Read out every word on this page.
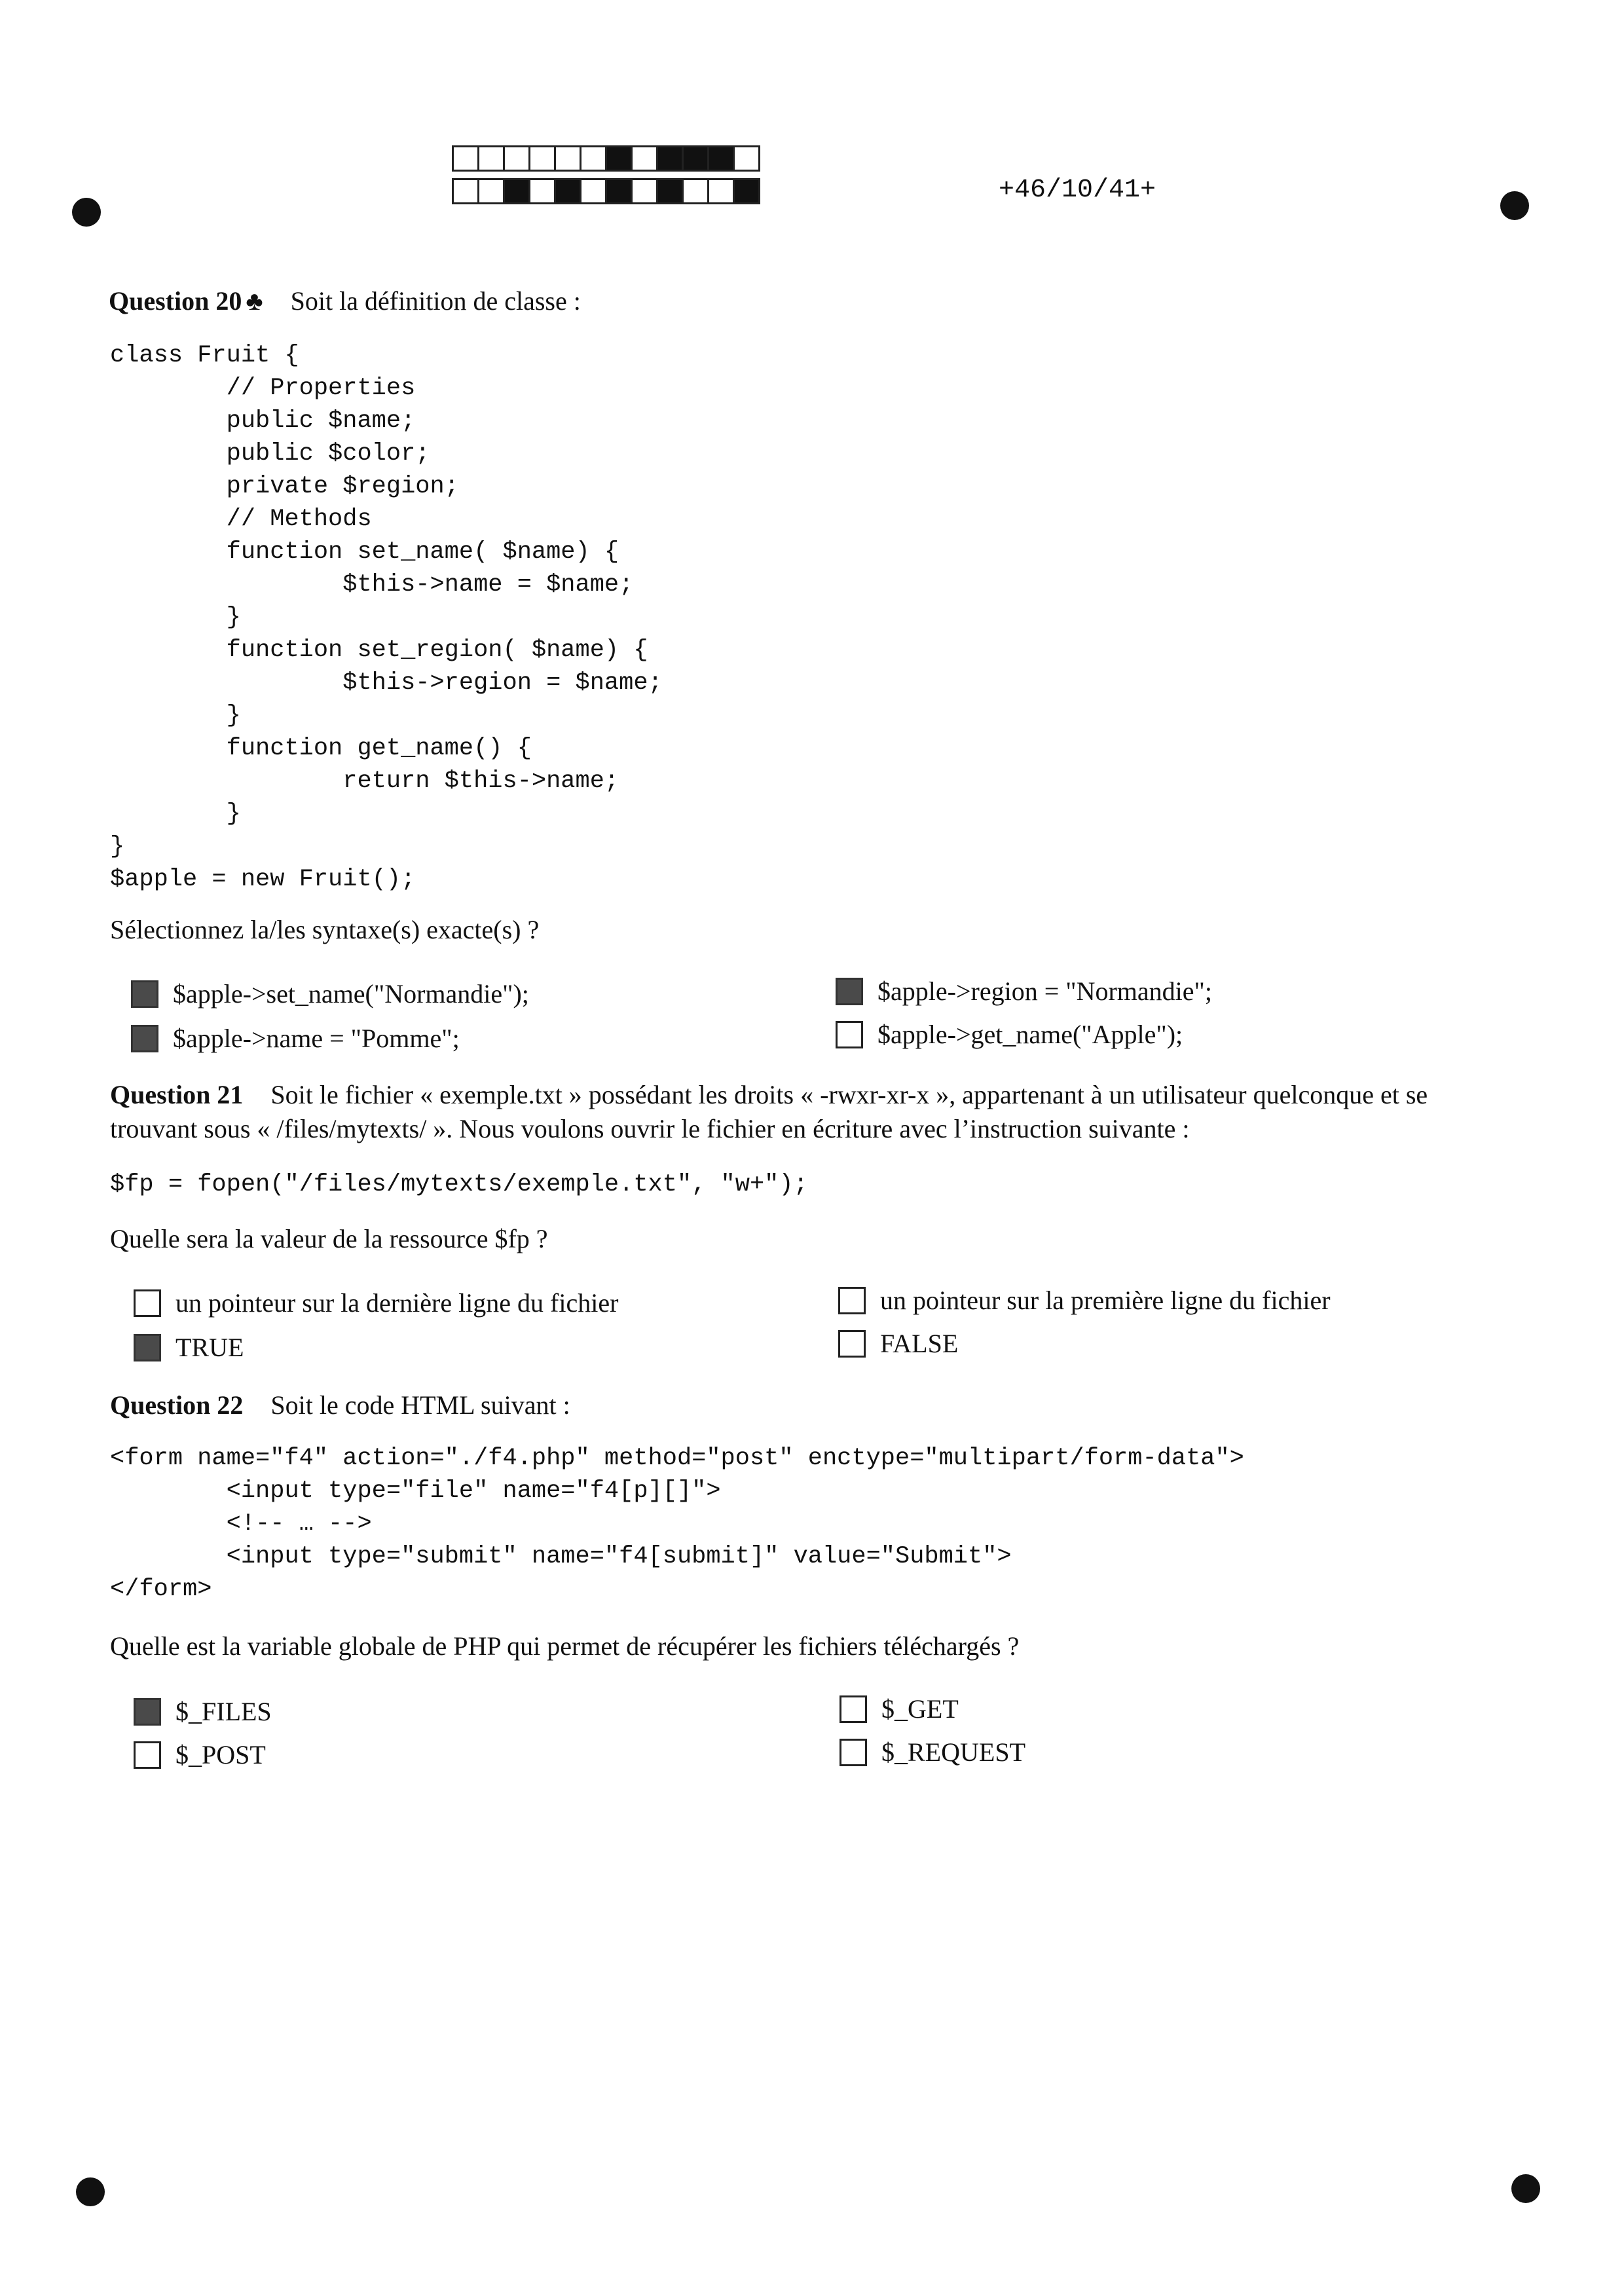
+46/10/41+
Question 20 ♣ Soit la définition de classe :
class Fruit {
// Properties
public $name;
public $color;
private $region;
// Methods
function set_name( $name) {
$this->name = $name;
}
function set_region( $name) {
$this->region = $name;
}
function get_name() {
return $this->name;
}
}
$apple = new Fruit();
Sélectionnez la/les syntaxe(s) exacte(s) ?
$apple->set_name("Normandie");
$apple->name = "Pomme";
$apple->region = "Normandie";
$apple->get_name("Apple");
Question 21 Soit le fichier « exemple.txt » possédant les droits « -rwxr-xr-x », appartenant à un utilisateur quelconque et se trouvant sous « /files/mytexts/ ». Nous voulons ouvrir le fichier en écriture avec l’instruction suivante :
$fp = fopen("/files/mytexts/exemple.txt", "w+");
Quelle sera la valeur de la ressource $fp ?
un pointeur sur la dernière ligne du fichier
TRUE
un pointeur sur la première ligne du fichier
FALSE
Question 22 Soit le code HTML suivant :
<form name="f4" action="./f4.php" method="post" enctype="multipart/form-data">
<input type="file" name="f4[p][]">
<!-- … -->
<input type="submit" name="f4[submit]" value="Submit">
</form>
Quelle est la variable globale de PHP qui permet de récupérer les fichiers téléchargés ?
$_FILES
$_POST
$_GET
$_REQUEST
